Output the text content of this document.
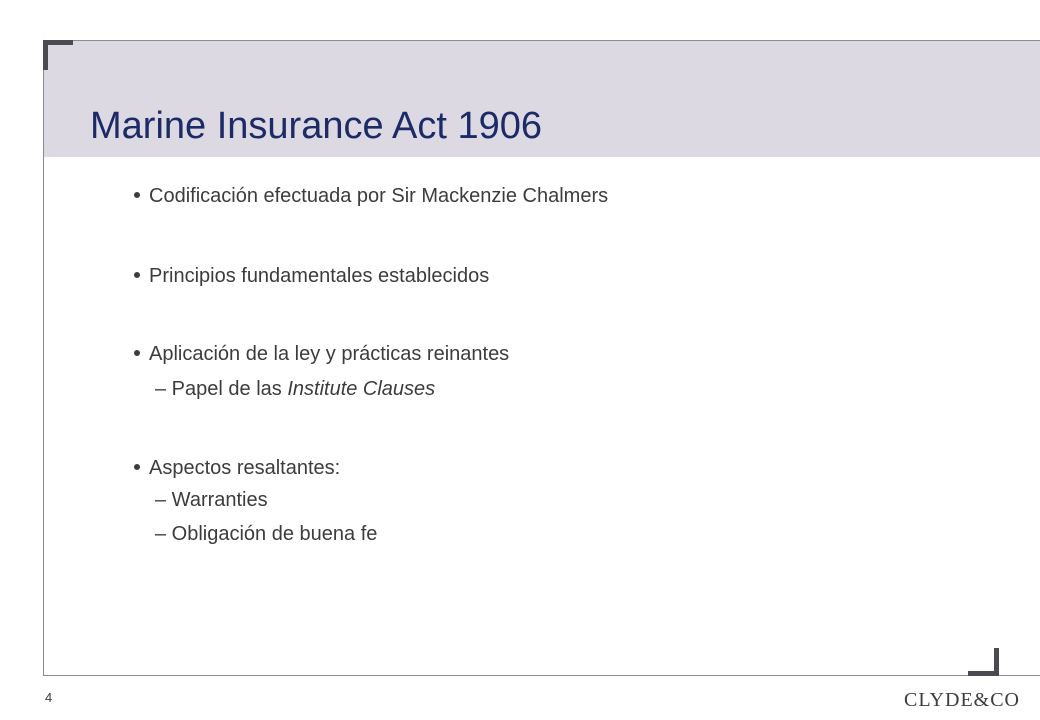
Marine Insurance Act 1906
Codificación efectuada por Sir Mackenzie Chalmers
Principios fundamentales establecidos
Aplicación de la ley y prácticas reinantes
– Papel de las Institute Clauses
Aspectos resaltantes:
– Warranties
– Obligación de buena fe
4	CLYDE&CO
